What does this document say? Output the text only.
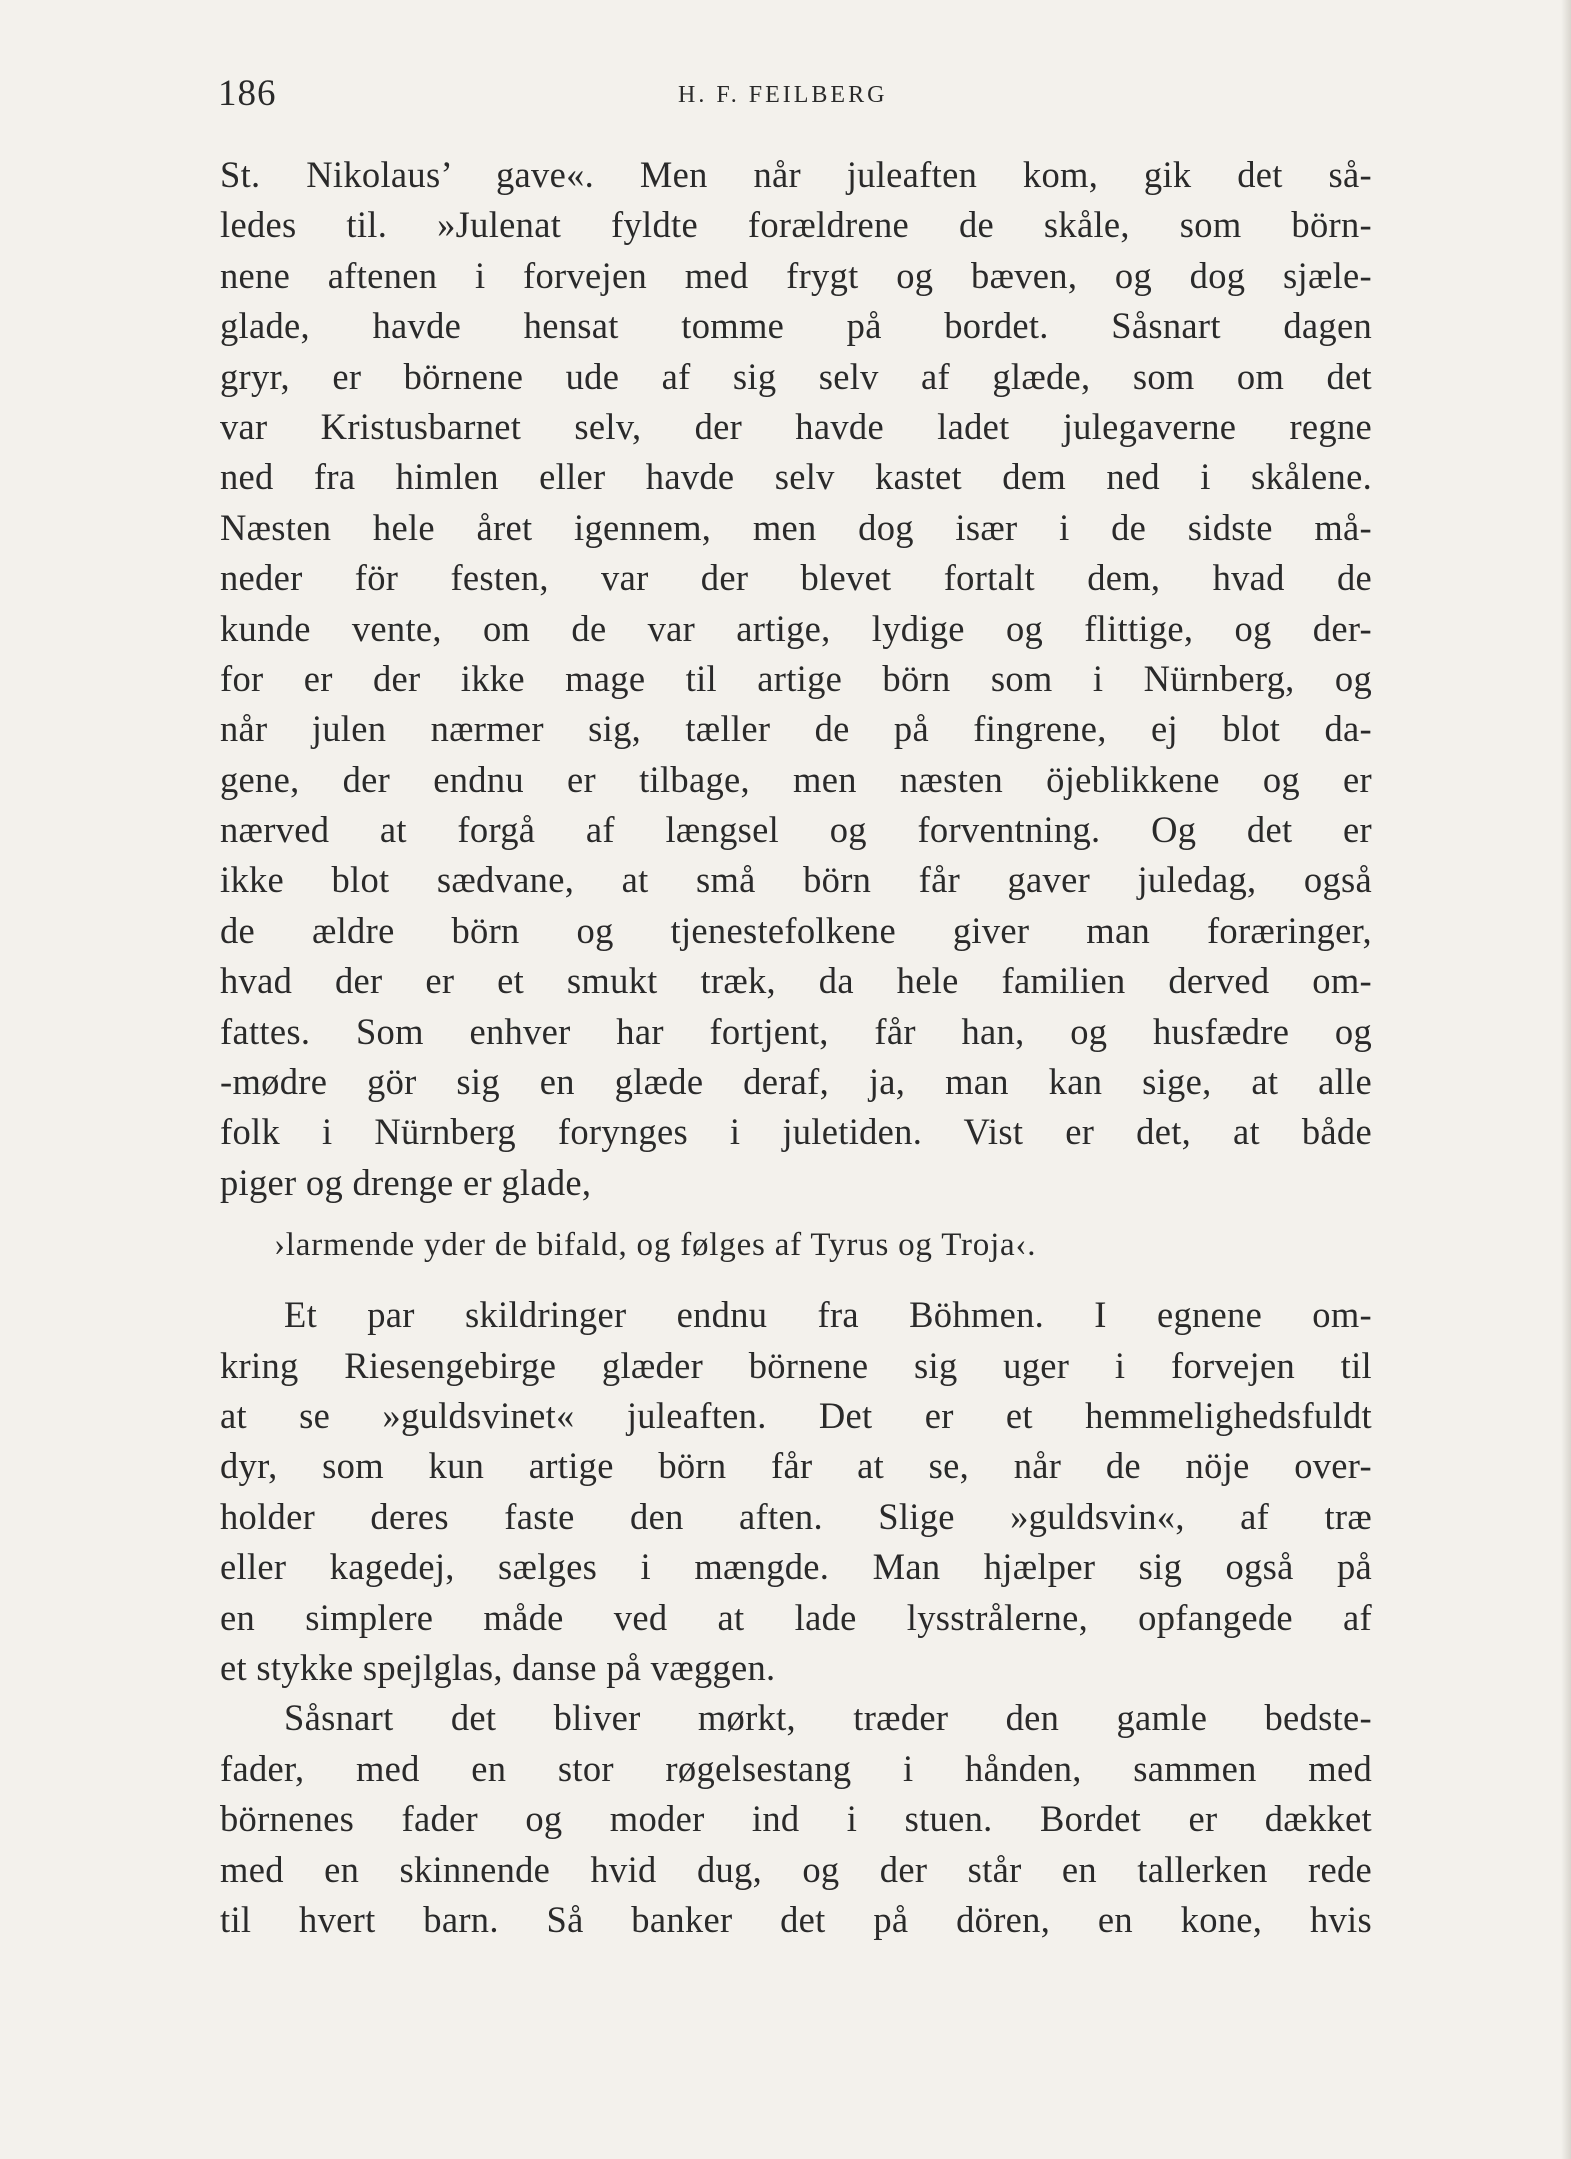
186	H. F. FEILBERG
St. Nikolaus’ gave«. Men når juleaften kom, gik det så-
ledes til. »Julenat fyldte forældrene de skåle, som börn-
nene aftenen i forvejen med frygt og bæven, og dog sjæle-
glade, havde hensat tomme på bordet. Såsnart dagen
gryr, er börnene ude af sig selv af glæde, som om det
var Kristusbarnet selv, der havde ladet julegaverne regne
ned fra himlen eller havde selv kastet dem ned i skålene.
Næsten hele året igennem, men dog især i de sidste må-
neder för festen, var der blevet fortalt dem, hvad de
kunde vente, om de var artige, lydige og flittige, og der-
for er der ikke mage til artige börn som i Nürnberg, og
når julen nærmer sig, tæller de på fingrene, ej blot da-
gene, der endnu er tilbage, men næsten öjeblikkene og er
nærved at forgå af længsel og forventning. Og det er
ikke blot sædvane, at små börn får gaver juledag, også
de ældre börn og tjenestefolkene giver man foræringer,
hvad der er et smukt træk, da hele familien derved om-
fattes. Som enhver har fortjent, får han, og husfædre og
-mødre gör sig en glæde deraf, ja, man kan sige, at alle
folk i Nürnberg forynges i juletiden. Vist er det, at både
piger og drenge er glade,
›larmende yder de bifald, og følges af Tyrus og Troja‹.
Et par skildringer endnu fra Böhmen. I egnene om-
kring Riesengebirge glæder börnene sig uger i forvejen til
at se »guldsvinet« juleaften. Det er et hemmelighedsfuldt
dyr, som kun artige börn får at se, når de nöje over-
holder deres faste den aften. Slige »guldsvin«, af træ
eller kagedej, sælges i mængde. Man hjælper sig også på
en simplere måde ved at lade lysstrålerne, opfangede af
et stykke spejlglas, danse på væggen.
Såsnart det bliver mørkt, træder den gamle bedste-
fader, med en stor røgelsestang i hånden, sammen med
börnenes fader og moder ind i stuen. Bordet er dækket
med en skinnende hvid dug, og der står en tallerken rede
til hvert barn. Så banker det på dören, en kone, hvis
